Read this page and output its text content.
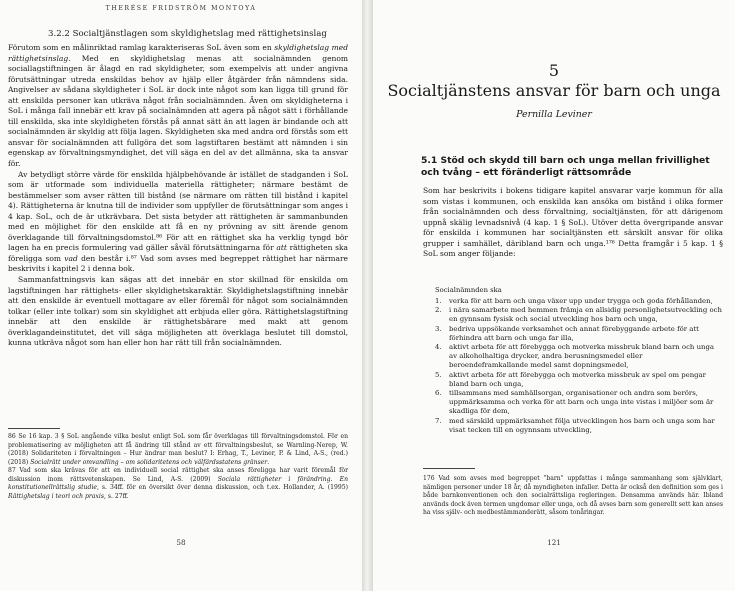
THERÉSE FRIDSTRÖM MONTOYA
3.2.2 Socialtjänstlagen som skyldighetslag med rättighetsinslag

Förutom som en målinriktad ramlag karakteriseras SoL även som en skyldighetslag med rättighetsinslag. Med en skyldighetslag menas att socialnämnden genom sociallagstiftningen är ålagd en rad skyldigheter, som exempelvis att under angivna förutsättningar utreda enskildas behov av hjälp eller åtgärder från nämndens sida. Angivelser av sådana skyldigheter i SoL är dock inte något som kan ligga till grund för att enskilda personer kan utkräva något från socialnämnden. Även om skyldigheterna i SoL i många fall innebär ett krav på socialnämnden att agera på något sätt i förhållande till enskilda, ska inte skyldigheten förstås på annat sätt än att lagen är bindande och att socialnämnden är skyldig att följa lagen. Skyldigheten ska med andra ord förstås som ett ansvar för socialnämnden att fullgöra det som lagstiftaren bestämt att nämnden i sin egenskap av förvaltningsmyndighet, det vill säga en del av det allmänna, ska ta ansvar för.

Av betydligt större värde för enskilda hjälpbehövande är istället de stadganden i SoL som är utformade som individuella materiella rättigheter; närmare bestämt de bestämmelser som avser rätten till bistånd (se närmare om rätten till bistånd i kapitel 4). Rättigheterna är knutna till de individer som uppfyller de förutsättningar som anges i 4 kap. SoL, och de är utkrävbara. Det sista betyder att rättigheten är sammanbunden med en möjlighet för den enskilde att få en ny prövning av sitt ärende genom överklagande till förvaltningsdomstol.⁸⁶ För att en rättighet ska ha verklig tyngd bör lagen ha en precis formulering vad gäller såväl förutsättningarna för att rättigheten ska föreligga som vad den består i.⁸⁷ Vad som avses med begreppet rättighet har närmare beskrivits i kapitel 2 i denna bok.

Sammanfattningsvis kan sägas att det innebär en stor skillnad för enskilda om lagstiftningen har rättighets- eller skyldighetskaraktär. Skyldighetslagstiftning innebär att den enskilde är eventuell mottagare av eller föremål för något som socialnämnden tolkar (eller inte tolkar) som sin skyldighet att erbjuda eller göra. Rättighetslagstiftning innebär att den enskilde är rättighetsbärare med makt att genom överklagandeinstitutet, det vill säga möjligheten att överklaga beslutet till domstol, kunna utkräva något som han eller hon har rätt till från socialnämnden.

86 Se 16 kap. 3 § SoL angående vilka beslut enligt SoL som får överklagas till förvaltningsdomstol. För en problematisering av möjligheten att få ändring till stånd av ett förvaltningsbeslut, se Warnling-Nerep, W. (2018) Solidariteten i förvaltningen – Hur ändrar man beslut? I: Erhag, T., Leviner, P. & Lind, A-S., (red.) (2018) Socialrätt under omvandling – om solidaritetens och välfärdsstatens gränser.

87 Vad som ska krävas för att en individuell social rättighet ska anses föreligga har varit föremål för diskussion inom rättsvetenskapen. Se Lind, A-S. (2009) Sociala rättigheter i förändring. En konstitutionellrättslig studie, s. 34ff. för en översikt över denna diskussion, och t.ex. Hollander, A. (1995) Rättighetslag i teori och praxis, s. 27ff.

58
5
Socialtjänstens ansvar för barn och unga
Pernilla Leviner
5.1 Stöd och skydd till barn och unga mellan frivillighet
och tvång – ett föränderligt rättsområde

Som har beskrivits i bokens tidigare kapitel ansvarar varje kommun för alla som vistas i kommunen, och enskilda kan ansöka om bistånd i olika former från socialnämnden och dess förvaltning, socialtjänsten, för att därigenom uppnå skälig levnadsnivå (4 kap. 1 § SoL). Utöver detta övergripande ansvar för enskilda i kommunen har socialtjänsten ett särskilt ansvar för olika grupper i samhället, däribland barn och unga.¹⁷⁶ Detta framgår i 5 kap. 1 § SoL som anger följande:

Socialnämnden ska
1. verka för att barn och unga växer upp under trygga och goda förhållanden,
2. i nära samarbete med hemmen främja en allsidig personlighetsutveckling och en gynnsam fysisk och social utveckling hos barn och unga,
3. bedriva uppsökande verksamhet och annat förebyggande arbete för att förhindra att barn och unga far illa,
4. aktivt arbeta för att förebygga och motverka missbruk bland barn och unga av alkoholhaltiga drycker, andra berusningsmedel eller beroendeframkallande medel samt dopningsmedel,
5. aktivt arbeta för att förebygga och motverka missbruk av spel om pengar bland barn och unga,
6. tillsammans med samhällsorgan, organisationer och andra som berörs, uppmärksamma och verka för att barn och unga inte vistas i miljöer som är skadliga för dem,
7. med särskild uppmärksamhet följa utvecklingen hos barn och unga som har visat tecken till en ogynnsam utveckling,

176 Vad som avses med begreppet "barn" uppfattas i många sammanhang som självklart, nämligen personer under 18 år, då myndigheten infaller. Detta är också den definition som ges i både barnkonventionen och den socialrättsliga regleringen. Densamma används här. Ibland används dock även termen ungdomar eller unga, och då avses barn som generellt sett kan anses ha viss själv- och medbestämmanderätt, såsom tonåringar.

121
